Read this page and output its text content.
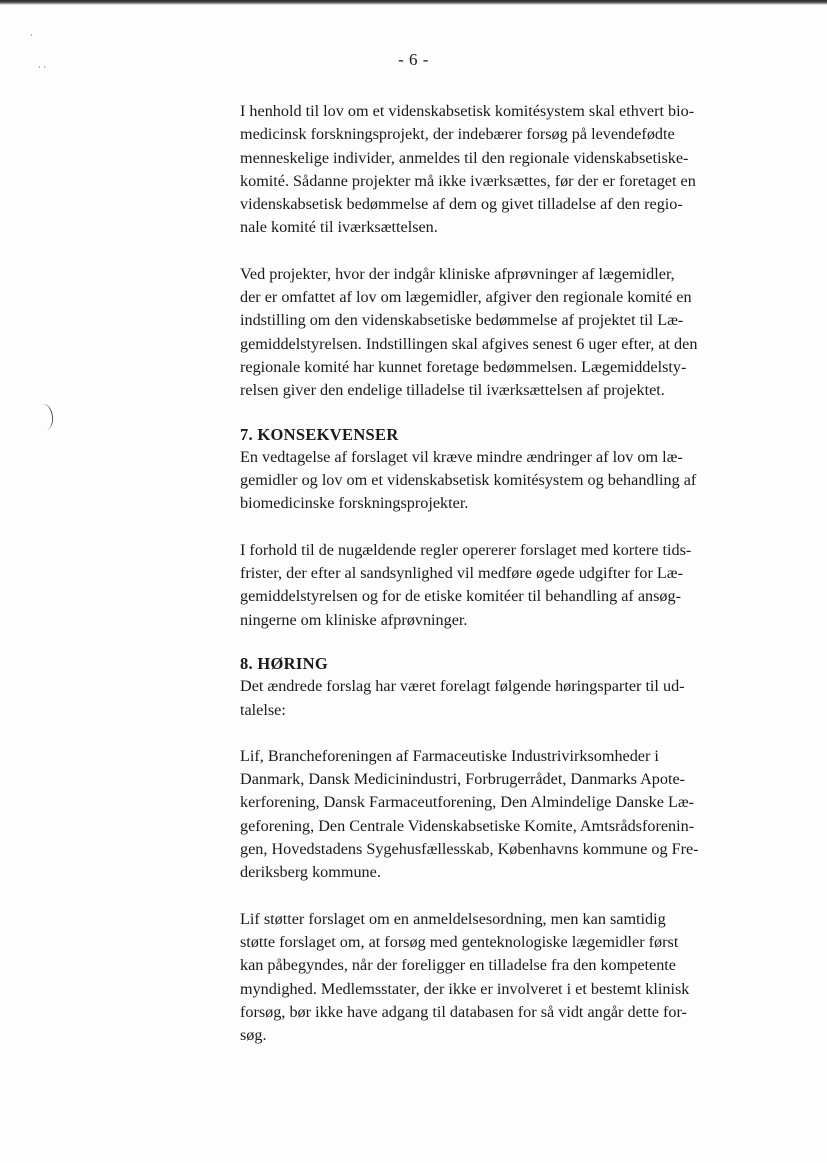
·
· ·	- 6 -

I henhold til lov om et videnskabsetisk komitésystem skal ethvert bio-
medicinsk forskningsprojekt, der indebærer forsøg på levendefødte
menneskelige individer, anmeldes til den regionale videnskabsetiske-
komité. Sådanne projekter må ikke iværksættes, før der er foretaget en
videnskabsetisk bedømmelse af dem og givet tilladelse af den regio-
nale komité til iværksættelsen.

Ved projekter, hvor der indgår kliniske afprøvninger af lægemidler,
der er omfattet af lov om lægemidler, afgiver den regionale komité en
indstilling om den videnskabsetiske bedømmelse af projektet til Læ-
gemiddelstyrelsen. Indstillingen skal afgives senest 6 uger efter, at den
regionale komité har kunnet foretage bedømmelsen. Lægemiddelsty-
relsen giver den endelige tilladelse til iværksættelsen af projektet.

7. KONSEKVENSER

En vedtagelse af forslaget vil kræve mindre ændringer af lov om læ-
gemidler og lov om et videnskabsetisk komitésystem og behandling af
biomedicinske forskningsprojekter.

I forhold til de nugældende regler opererer forslaget med kortere tids-
frister, der efter al sandsynlighed vil medføre øgede udgifter for Læ-
gemiddelstyrelsen og for de etiske komitéer til behandling af ansøg-
ningerne om kliniske afprøvninger.

8. HØRING

Det ændrede forslag har været forelagt følgende høringsparter til ud-
talelse:

Lif, Brancheforeningen af Farmaceutiske Industrivirksomheder i
Danmark, Dansk Medicinindustri, Forbrugerrådet, Danmarks Apote-
kerforening, Dansk Farmaceutforening, Den Almindelige Danske Læ-
geforening, Den Centrale Videnskabsetiske Komite, Amtsrådsforenin-
gen, Hovedstadens Sygehusfællesskab, Københavns kommune og Fre-
deriksberg kommune.

Lif støtter forslaget om en anmeldelsesordning, men kan samtidig
støtte forslaget om, at forsøg med genteknologiske lægemidler først
kan påbegyndes, når der foreligger en tilladelse fra den kompetente
myndighed. Medlemsstater, der ikke er involveret i et bestemt klinisk
forsøg, bør ikke have adgang til databasen for så vidt angår dette for-
søg.
